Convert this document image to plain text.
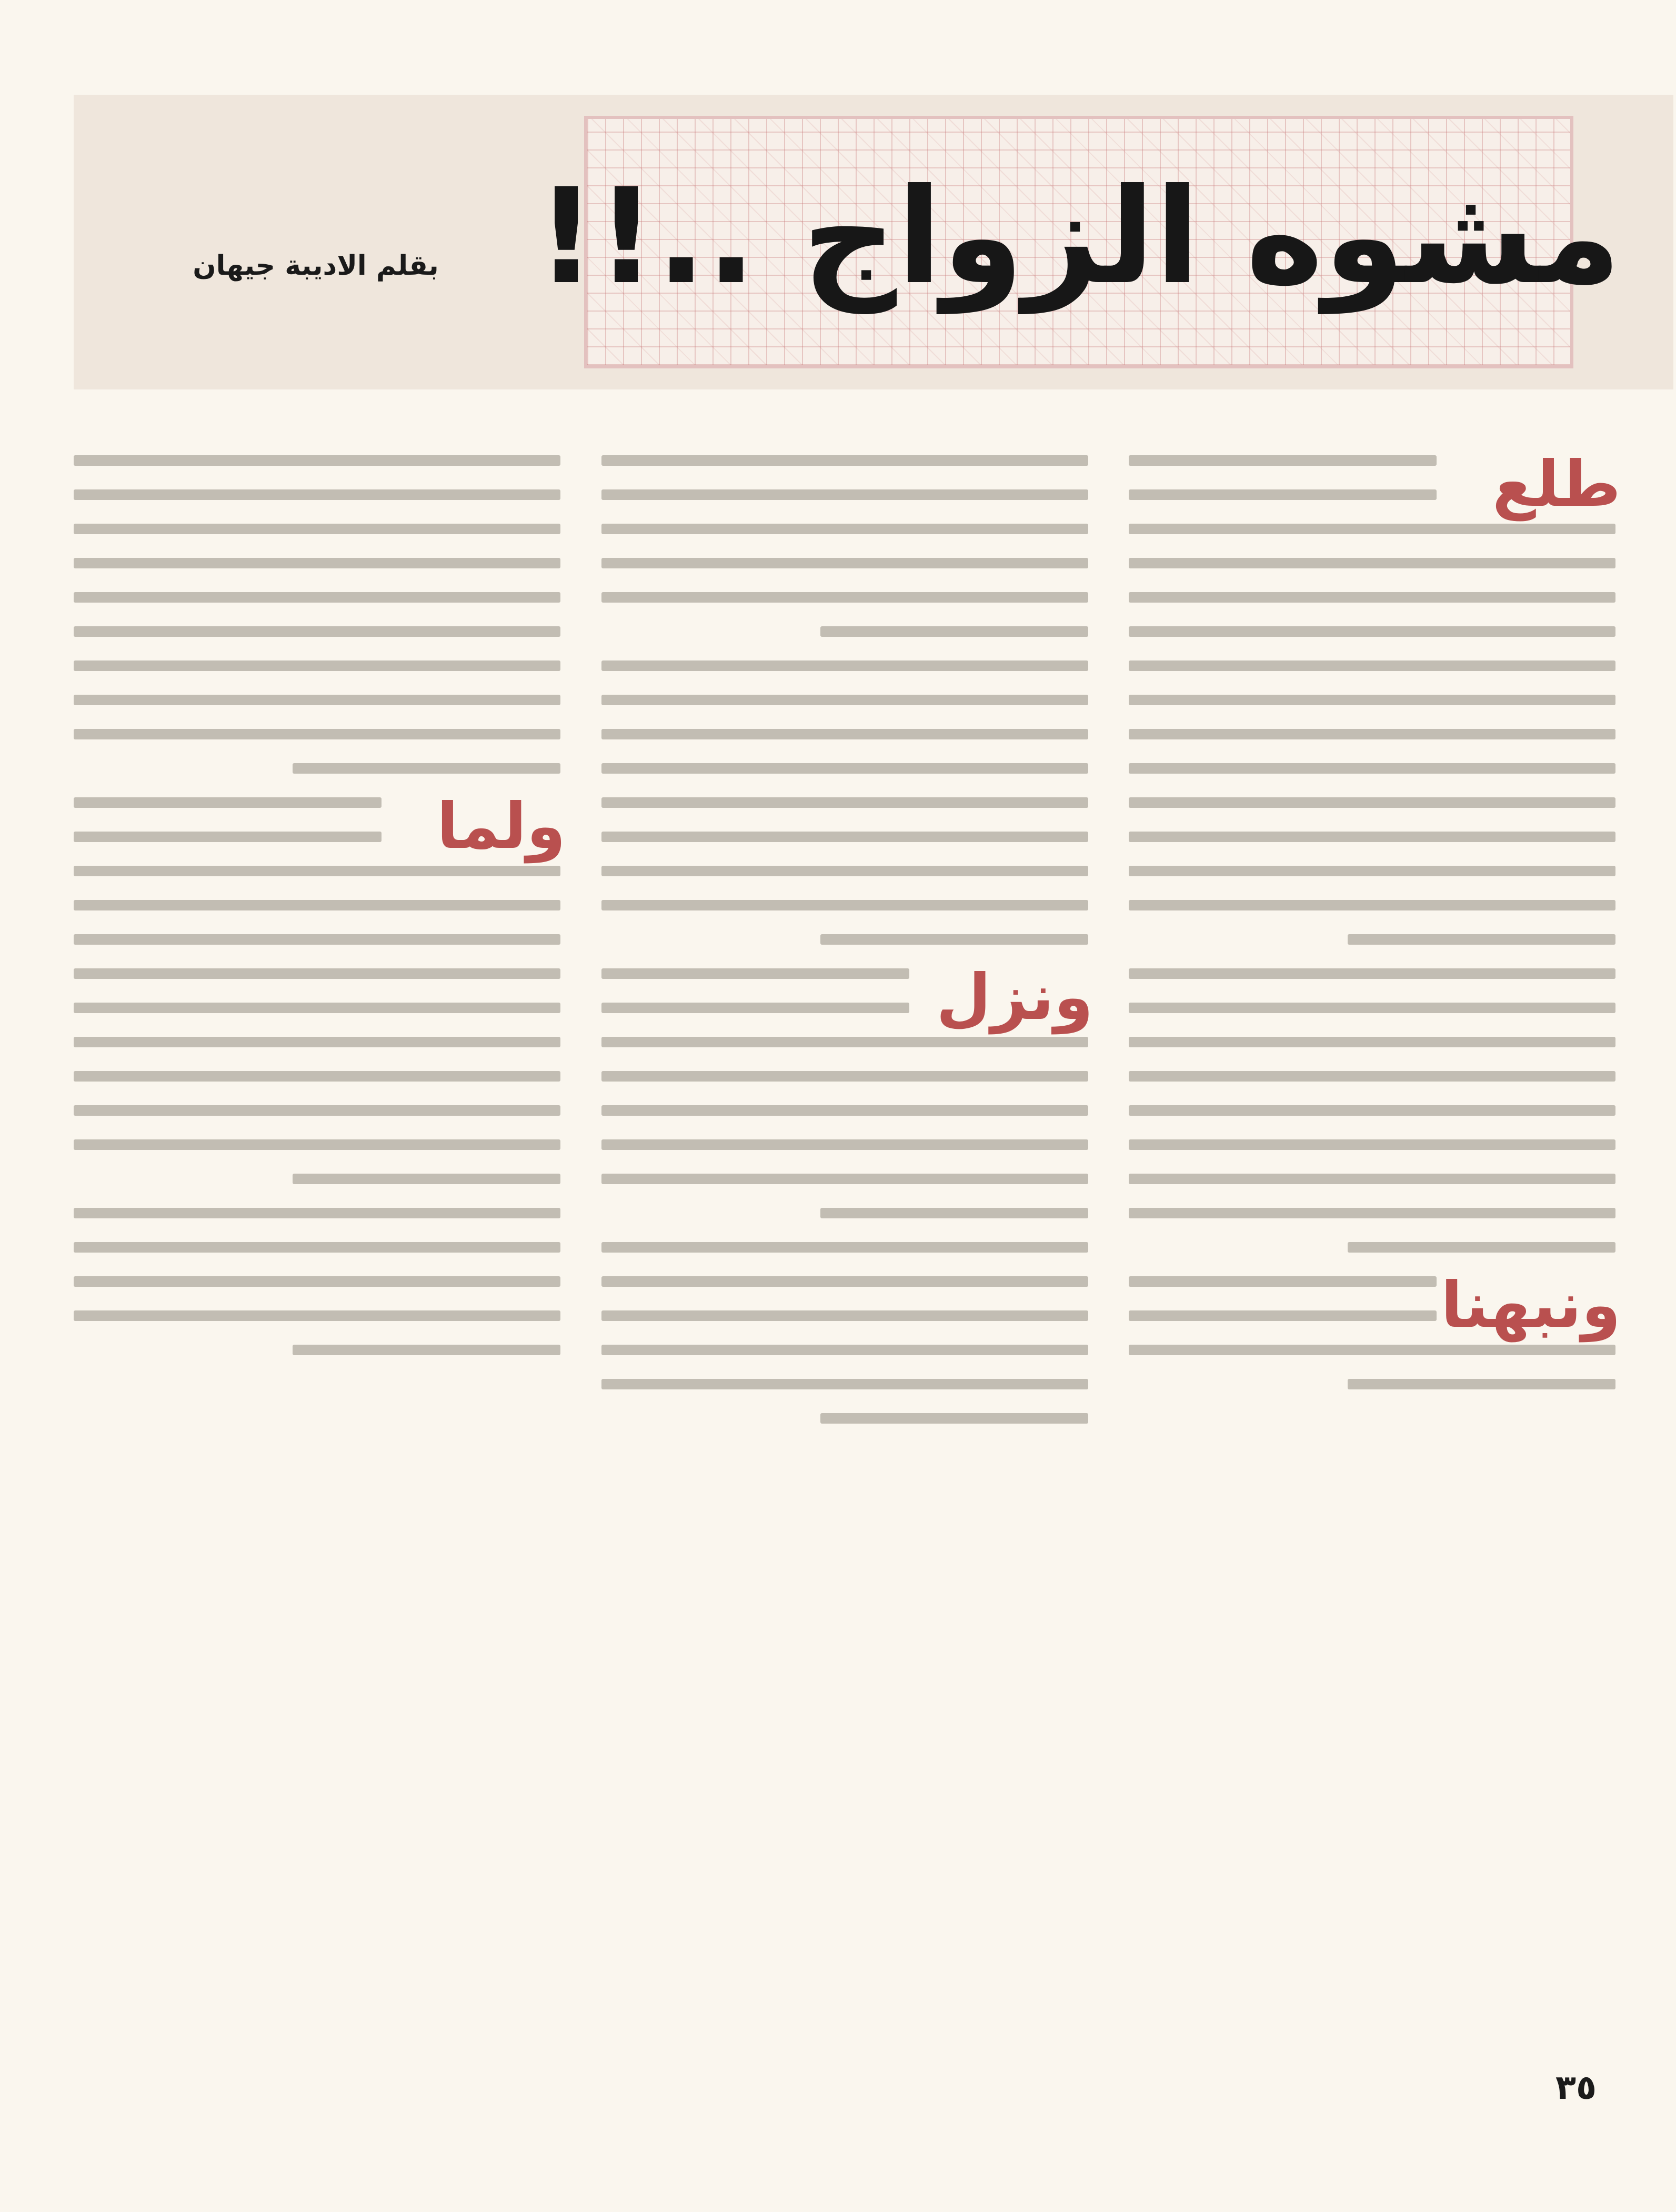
مشوه الزواج ..!!
بقلم الاديبة جيهان
طلع
ونبهنا
ونزل
ولما
٣٥
